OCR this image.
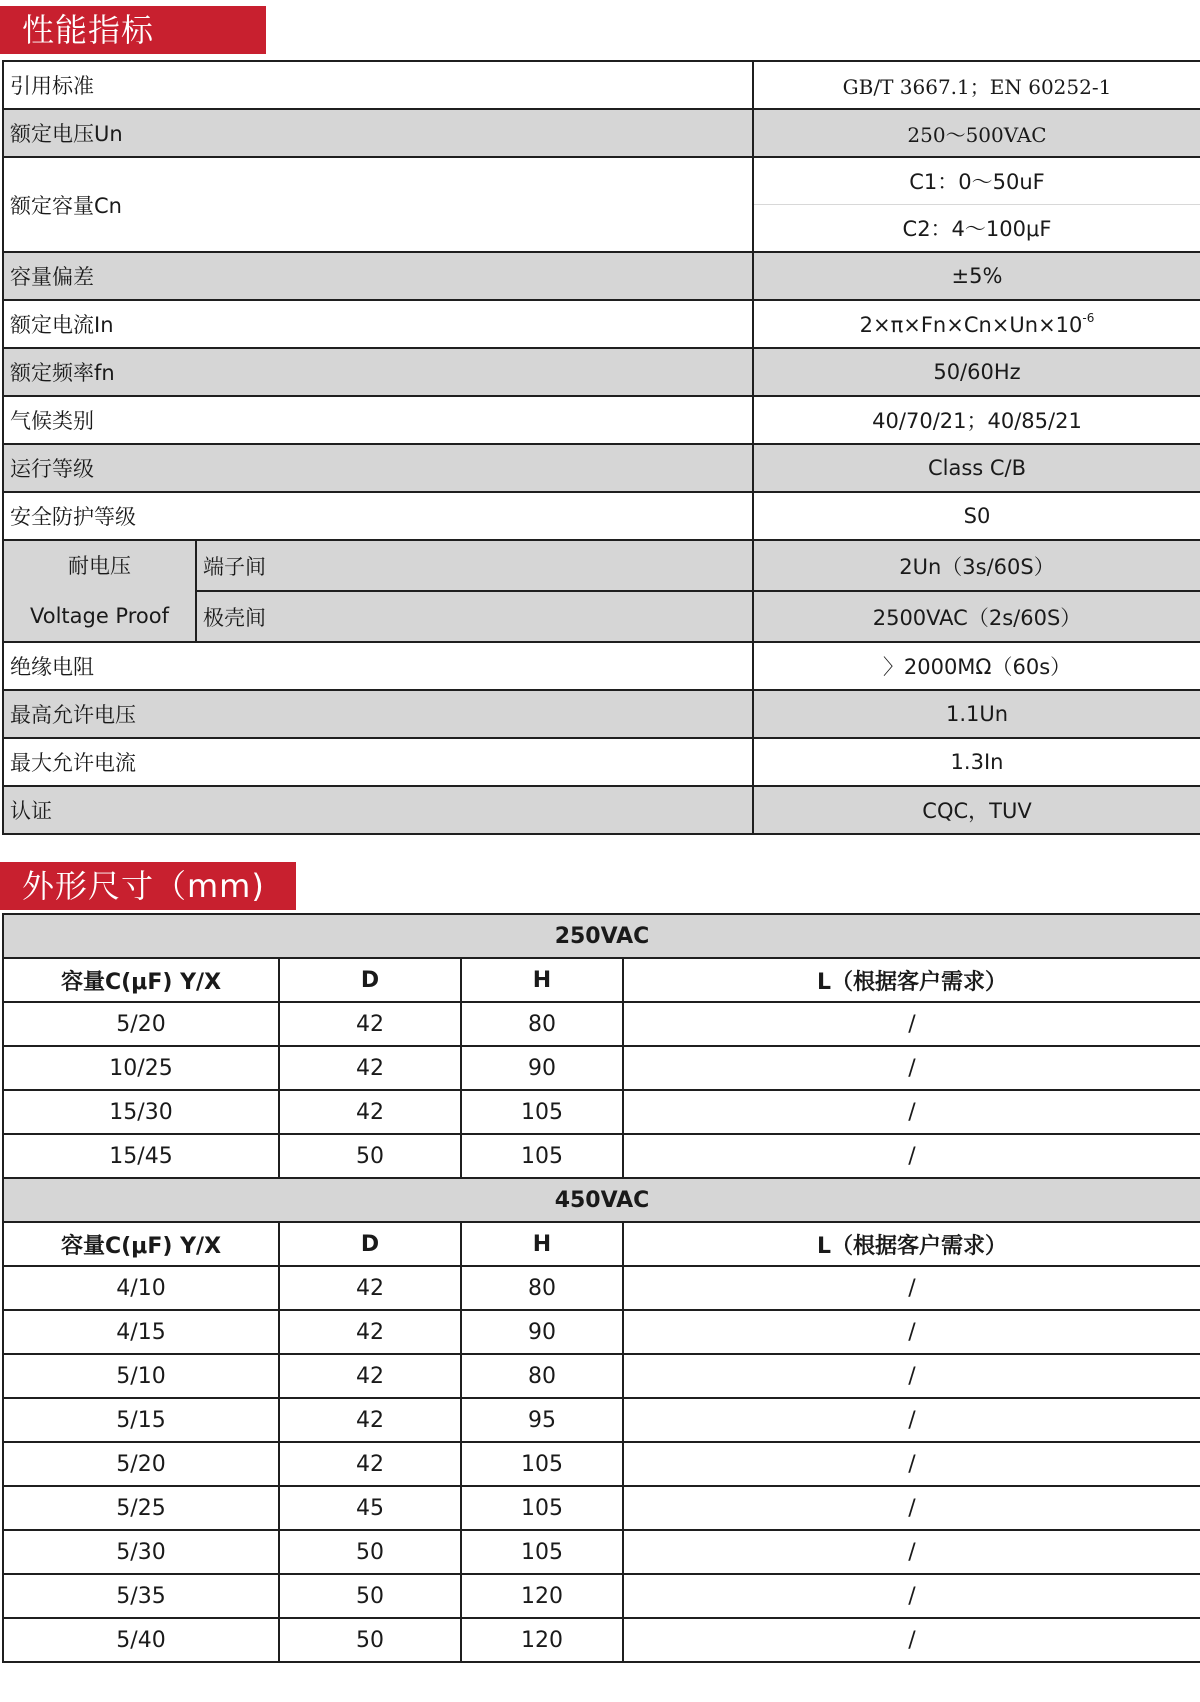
性能指标
引用标准		GB/T 3667.1；EN 60252-1
额定电压Un		250～500VAC
额定容量Cn		C1：0～50uF
		C2：4～100μF
容量偏差		±5%
额定电流In		$2\times\pi\times Fn\times Cn\times Un\times 10^{-6}$
额定频率fn		50/60Hz
气候类别		40/70/21；40/85/21
运行等级		Class C/B
安全防护等级		S0

耐电压
Voltage Proof	端子间	2Un（3s/60S）
	极壳间	2500VAC（2s/60S）
绝缘电阻		〉2000MΩ（60s）
最高允许电压		1.1Un
最大允许电流		1.3In
认证		CQC，TUV
外形尺寸（mm)
250VAC			
容量C(μF) Y/X	D	H	L（根据客户需求）
5/20	42	80	/
10/25	42	90	/
15/30	42	105	/
15/45	50	105	/
450VAC			
容量C(μF) Y/X	D	H	L（根据客户需求）
4/10	42	80	/
4/15	42	90	/
5/10	42	80	/
5/15	42	95	/
5/20	42	105	/
5/25	45	105	/
5/30	50	105	/
5/35	50	120	/
5/40	50	120	/
